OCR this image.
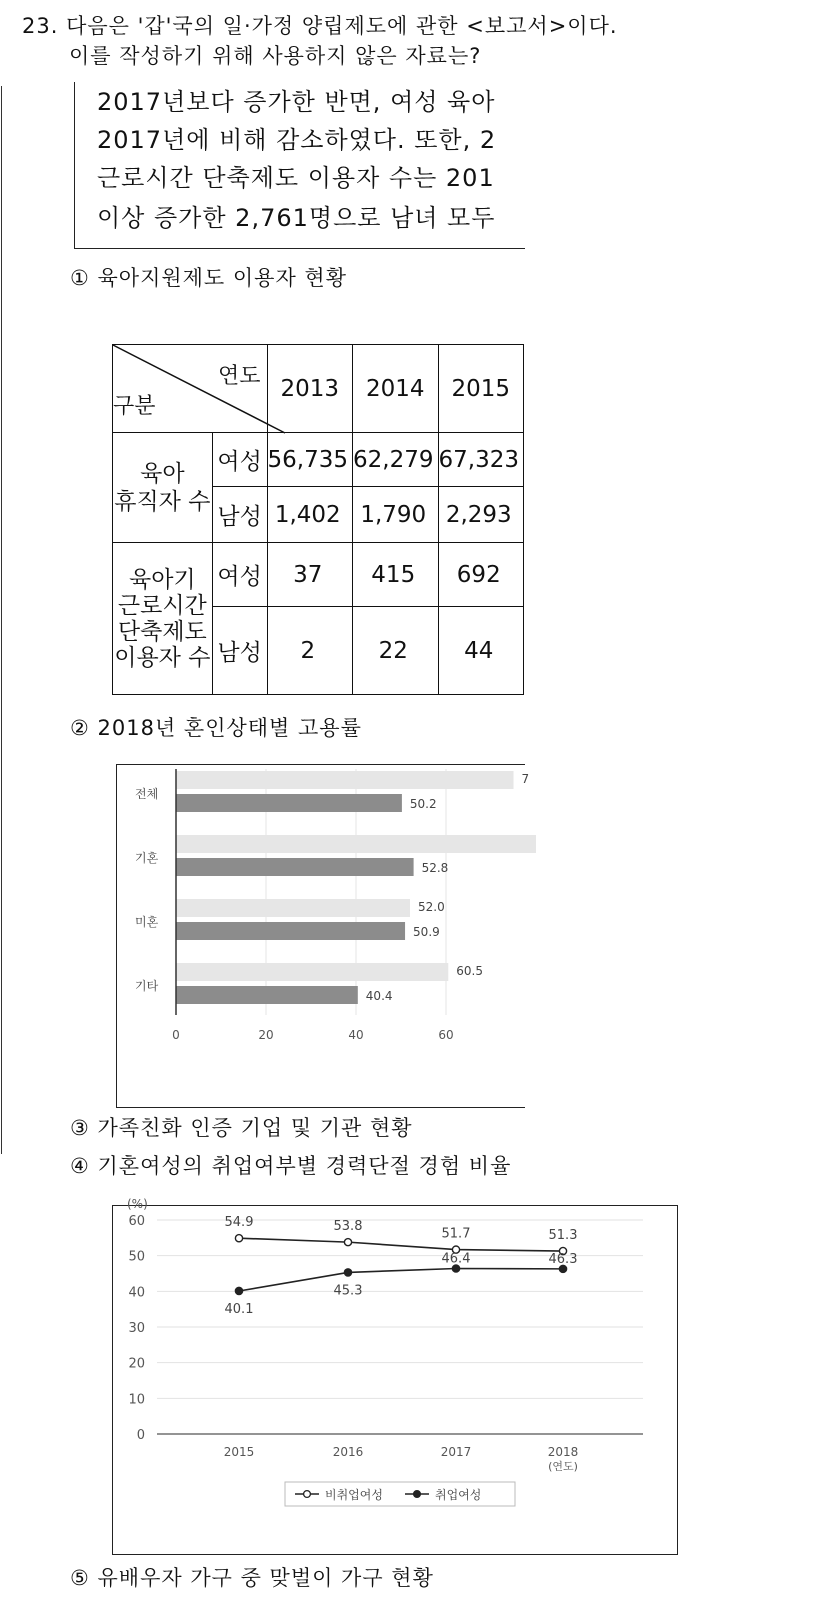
23. 다음은 '갑'국의 일·가정 양립제도에 관한 <보고서>이다.
이를 작성하기 위해 사용하지 않은 자료는?
2017년보다 증가한 반면, 여성 육아
2017년에 비해 감소하였다. 또한, 2
근로시간 단축제도 이용자 수는 201
이상 증가한 2,761명으로 남녀 모두
① 육아지원제도 이용자 현황
연도
구분		2013	2014	2015

육아
휴직자 수	여성	56,735	62,279	67,323
	남성	1,402	1,790	2,293

육아기
근로시간
단축제도
이용자 수	여성	37	415	692
	남성	2	22	44
② 2018년 혼인상태별 고용률
0	20	40	60
전체
7
50.2
기혼
52.8
미혼
52.0
50.9
기타
60.5
40.4
③ 가족친화 인증 기업 및 기관 현황
④ 기혼여성의 취업여부별 경력단절 경험 비율
(%)
0
10
20
30
40
50
60
2015	2016	2017	2018
(연도)
54.9	53.8	51.7	51.3
40.1
45.3
46.4	46.3
비취업여성	취업여성
⑤ 유배우자 가구 중 맞벌이 가구 현황
